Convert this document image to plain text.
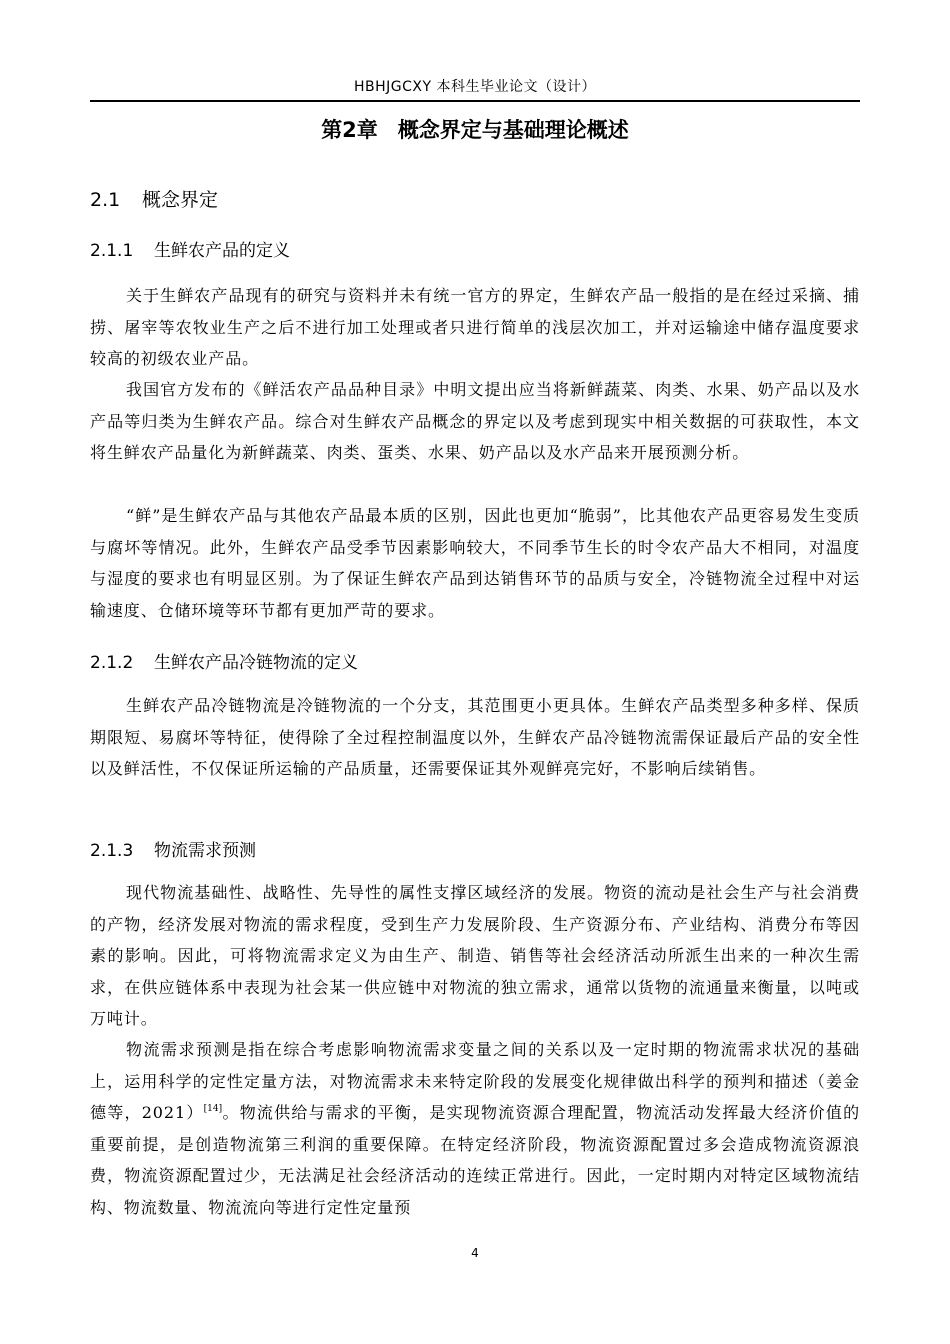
HBHJGCXY 本科生毕业论文（设计）
第2章 概念界定与基础理论概述
2.1 概念界定
2.1.1 生鲜农产品的定义

关于生鲜农产品现有的研究与资料并未有统一官方的界定，生鲜农产品一般指的是在经过采摘、捕捞、屠宰等农牧业生产之后不进行加工处理或者只进行简单的浅层次加工，并对运输途中储存温度要求较高的初级农业产品。

我国官方发布的《鲜活农产品品种目录》中明文提出应当将新鲜蔬菜、肉类、水果、奶产品以及水产品等归类为生鲜农产品。综合对生鲜农产品概念的界定以及考虑到现实中相关数据的可获取性，本文将生鲜农产品量化为新鲜蔬菜、肉类、蛋类、水果、奶产品以及水产品来开展预测分析。

“鲜”是生鲜农产品与其他农产品最本质的区别，因此也更加“脆弱”，比其他农产品更容易发生变质与腐坏等情况。此外，生鲜农产品受季节因素影响较大，不同季节生长的时令农产品大不相同，对温度与湿度的要求也有明显区别。为了保证生鲜农产品到达销售环节的品质与安全，冷链物流全过程中对运输速度、仓储环境等环节都有更加严苛的要求。

2.1.2 生鲜农产品冷链物流的定义

生鲜农产品冷链物流是冷链物流的一个分支，其范围更小更具体。生鲜农产品类型多种多样、保质期限短、易腐坏等特征，使得除了全过程控制温度以外，生鲜农产品冷链物流需保证最后产品的安全性以及鲜活性，不仅保证所运输的产品质量，还需要保证其外观鲜亮完好，不影响后续销售。

2.1.3 物流需求预测

现代物流基础性、战略性、先导性的属性支撑区域经济的发展。物资的流动是社会生产与社会消费的产物，经济发展对物流的需求程度，受到生产力发展阶段、生产资源分布、产业结构、消费分布等因素的影响。因此，可将物流需求定义为由生产、制造、销售等社会经济活动所派生出来的一种次生需求，在供应链体系中表现为社会某一供应链中对物流的独立需求，通常以货物的流通量来衡量，以吨或万吨计。

物流需求预测是指在综合考虑影响物流需求变量之间的关系以及一定时期的物流需求状况的基础上，运用科学的定性定量方法，对物流需求未来特定阶段的发展变化规律做出科学的预判和描述（姜金德等，2021）[14]。物流供给与需求的平衡，是实现物流资源合理配置，物流活动发挥最大经济价值的重要前提，是创造物流第三利润的重要保障。在特定经济阶段，物流资源配置过多会造成物流资源浪费，物流资源配置过少，无法满足社会经济活动的连续正常进行。因此，一定时期内对特定区域物流结构、物流数量、物流流向等进行定性定量预

4
